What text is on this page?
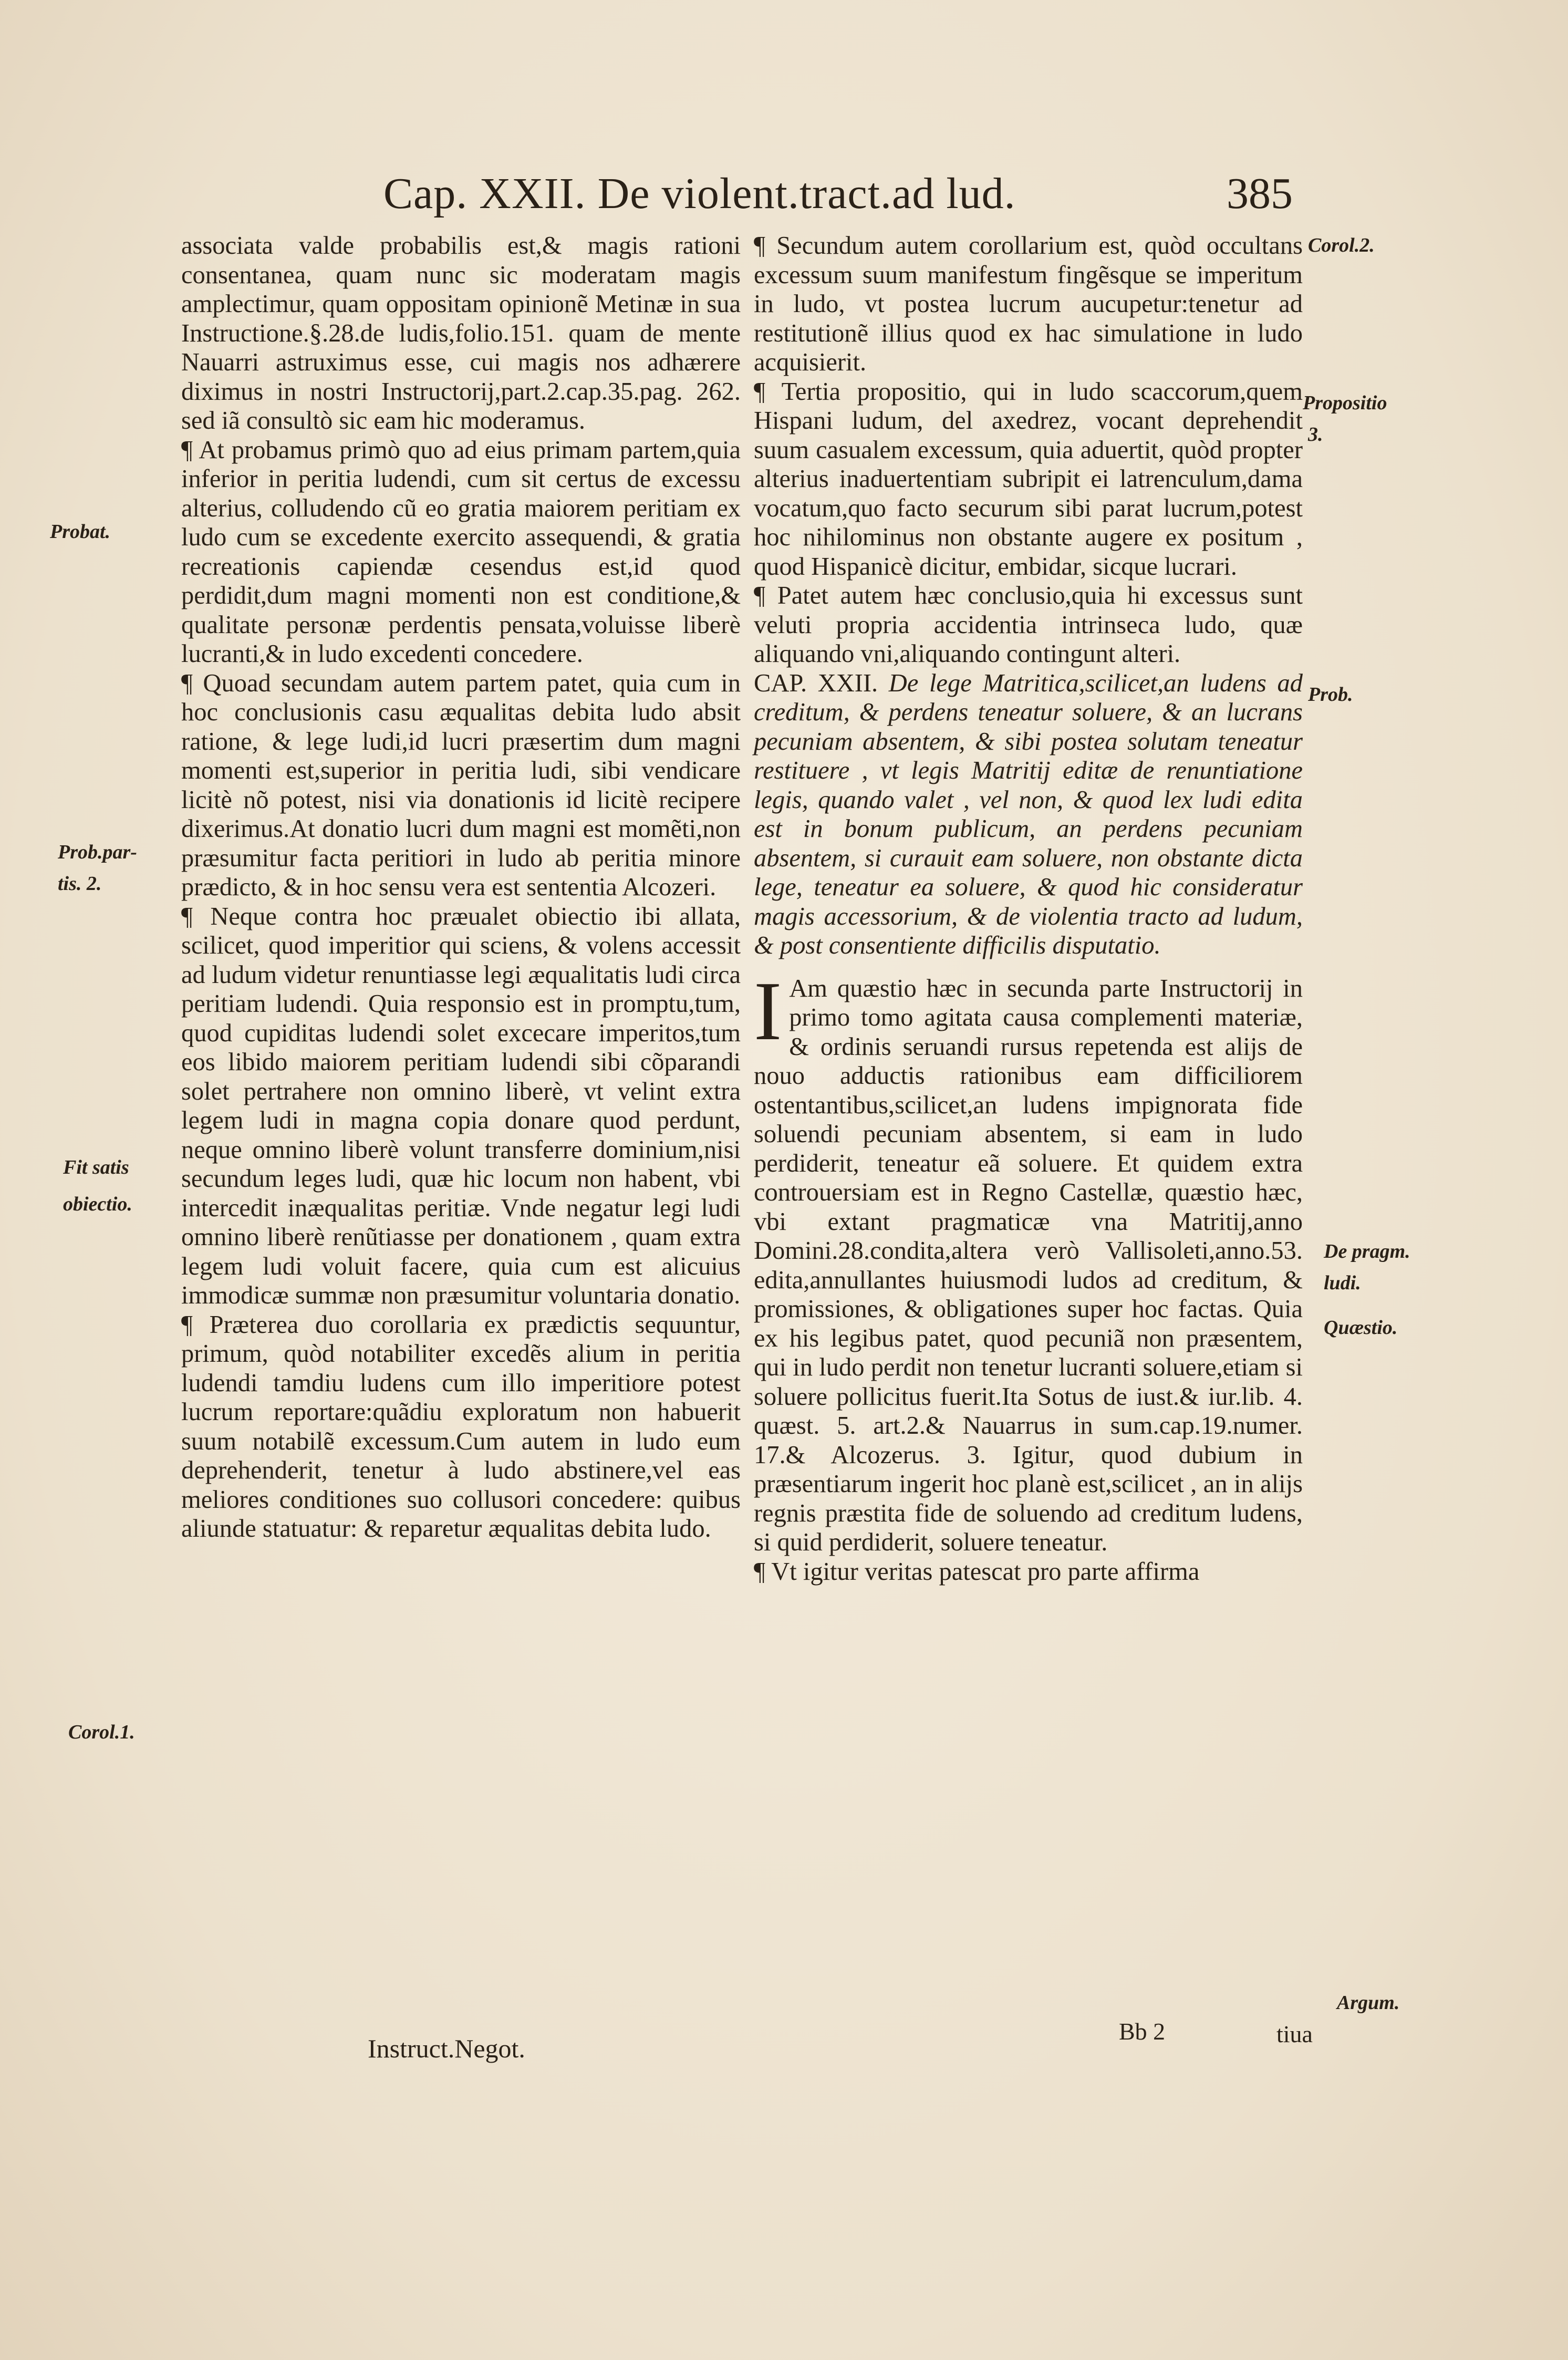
Cap. XXII. De violent.tract.ad lud.	385
Probat.
Prob.par-
tis. 2.
Fit satis
obiectio.
Corol.1.
Corol.2.
Propositio
3.
Prob.
De pragm.
ludi.
Quæstio.
Argum.

associata valde probabilis est,& magis rationi consentanea, quam nunc sic moderatam magis amplectimur, quam oppositam opinionẽ Metinæ in sua Instructione.§.28.de ludis,folio.151. quam de mente Nauarri astruximus esse, cui magis nos adhærere diximus in nostri Instructorij,part.2.cap.35.pag. 262. sed iã consultò sic eam hic moderamus.

¶ At probamus primò quo ad eius primam partem,quia inferior in peritia ludendi, cum sit certus de excessu alterius, colludendo cũ eo gratia maiorem peritiam ex ludo cum se excedente exercito assequendi, & gratia recreationis capiendæ cesendus est,id quod perdidit,dum magni momenti non est conditione,& qualitate personæ perdentis pensata,voluisse liberè lucranti,& in ludo excedenti concedere.

¶ Quoad secundam autem partem patet, quia cum in hoc conclusionis casu æqualitas debita ludo absit ratione, & lege ludi,id lucri præsertim dum magni momenti est,superior in peritia ludi, sibi vendicare licitè nõ potest, nisi via donationis id licitè recipere dixerimus.At donatio lucri dum magni est momẽti,non præsumitur facta peritiori in ludo ab peritia minore prædicto, & in hoc sensu vera est sententia Alcozeri.

¶ Neque contra hoc præualet obiectio ibi allata, scilicet, quod imperitior qui sciens, & volens accessit ad ludum videtur renuntiasse legi æqualitatis ludi circa peritiam ludendi. Quia responsio est in promptu,tum, quod cupiditas ludendi solet excecare imperitos,tum eos libido maiorem peritiam ludendi sibi cõparandi solet pertrahere non omnino liberè, vt velint extra legem ludi in magna copia donare quod perdunt, neque omnino liberè volunt transferre dominium,nisi secundum leges ludi, quæ hic locum non habent, vbi intercedit inæqualitas peritiæ. Vnde negatur legi ludi omnino liberè renũtiasse per donationem , quam extra legem ludi voluit facere, quia cum est alicuius immodicæ summæ non præsumitur voluntaria donatio.

¶ Præterea duo corollaria ex prædictis sequuntur, primum, quòd notabiliter excedẽs alium in peritia ludendi tamdiu ludens cum illo imperitiore potest lucrum reportare:quãdiu exploratum non habuerit suum notabilẽ excessum.Cum autem in ludo eum deprehenderit, tenetur à ludo abstinere,vel eas meliores conditiones suo collusori concedere: quibus aliunde statuatur: & reparetur æqualitas debita ludo.

¶ Secundum autem corollarium est, quòd occultans excessum suum manifestum fingẽsque se imperitum in ludo, vt postea lucrum aucupetur:tenetur ad restitutionẽ illius quod ex hac simulatione in ludo acquisierit.

¶ Tertia propositio, qui in ludo scaccorum,quem Hispani ludum, del axedrez, vocant deprehendit suum casualem excessum, quia aduertit, quòd propter alterius inaduertentiam subripit ei latrenculum,dama vocatum,quo facto securum sibi parat lucrum,potest hoc nihilominus non obstante augere ex positum , quod Hispanicè dicitur, embidar, sicque lucrari.

¶ Patet autem hæc conclusio,quia hi excessus sunt veluti propria accidentia intrinseca ludo, quæ aliquando vni,aliquando contingunt alteri.

CAP. XXII. De lege Matritica,scilicet,an ludens ad creditum, & perdens teneatur soluere, & an lucrans pecuniam absentem, & sibi postea solutam teneatur restituere , vt legis Matritij editæ de renuntiatione legis, quando valet , vel non, & quod lex ludi edita est in bonum publicum, an perdens pecuniam absentem, si curauit eam soluere, non obstante dicta lege, teneatur ea soluere, & quod hic consideratur magis accessorium, & de violentia tracto ad ludum, & post consentiente difficilis disputatio.

IAm quæstio hæc in secunda parte Instructorij in primo tomo agitata causa complementi materiæ, & ordinis seruandi rursus repetenda est alijs de nouo adductis rationibus eam difficiliorem ostentantibus,scilicet,an ludens impignorata fide soluendi pecuniam absentem, si eam in ludo perdiderit, teneatur eã soluere. Et quidem extra controuersiam est in Regno Castellæ, quæstio hæc, vbi extant pragmaticæ vna Matritij,anno Domini.28.condita,altera verò Vallisoleti,anno.53. edita,annullantes huiusmodi ludos ad creditum, & promissiones, & obligationes super hoc factas. Quia ex his legibus patet, quod pecuniã non præsentem, qui in ludo perdit non tenetur lucranti soluere,etiam si soluere pollicitus fuerit.Ita Sotus de iust.& iur.lib. 4. quæst. 5. art.2.& Nauarrus in sum.cap.19.numer. 17.& Alcozerus. 3. Igitur, quod dubium in præsentiarum ingerit hoc planè est,scilicet , an in alijs regnis præstita fide de soluendo ad creditum ludens, si quid perdiderit, soluere teneatur.

¶ Vt igitur veritas patescat pro parte affirma

Instruct.Negot.
Bb 2	tiua
